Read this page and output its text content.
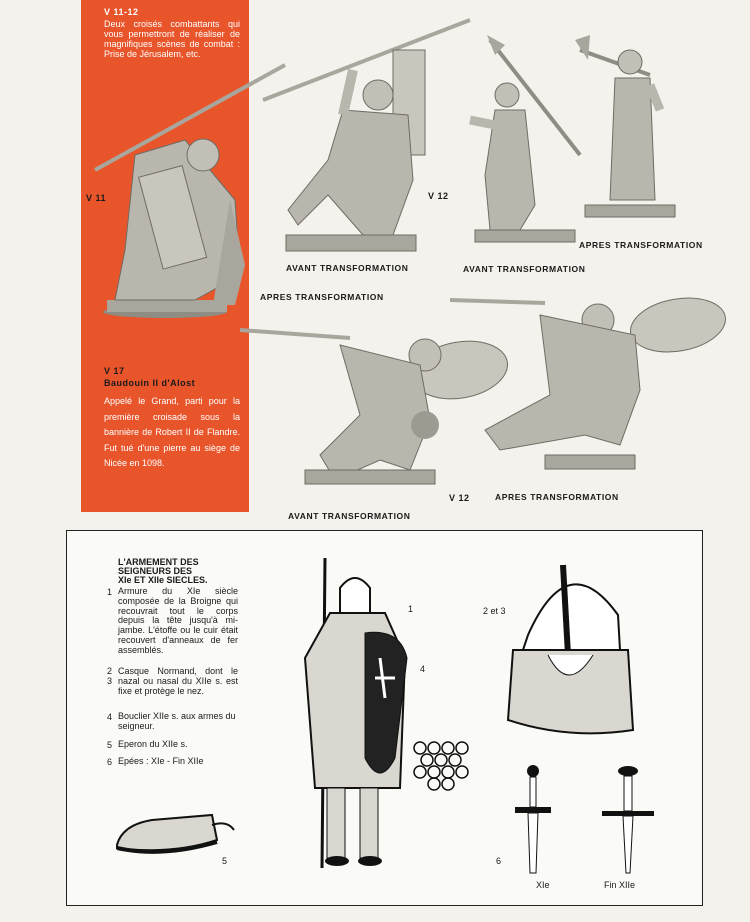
V 11-12
Deux croisés combattants qui vous permettront de réaliser de magnifiques scènes de combat : Prise de Jérusalem, etc.
V 11
V 17
Baudouin II d'Alost
Appelé le Grand, parti pour la première croisade sous la bannière de Robert II de Flandre. Fut tué d'une pierre au siège de Nicée en 1098.
V 12
AVANT TRANSFORMATION	AVANT TRANSFORMATION
APRES TRANSFORMATION
APRES TRANSFORMATION
V 12	APRES TRANSFORMATION
AVANT TRANSFORMATION
L'ARMEMENT DES
SEIGNEURS DES
XIe ET XIIe SIECLES.
1 Armure du XIe siècle composée de la Broigne qui recouvrait tout le corps depuis la tête jusqu'à mi-jambe. L'étoffe ou le cuir était recouvert d'anneaux de fer assemblés.
2
3
Casque Normand, dont le nazal ou nasal du XIIe s. est fixe et protège le nez.
4 Bouclier XIIe s. aux armes du seigneur.
5 Eperon du XIIe s.
6 Epées : XIe - Fin XIIe
1	2 et 3
4
5	6
XIe	Fin XIIe
